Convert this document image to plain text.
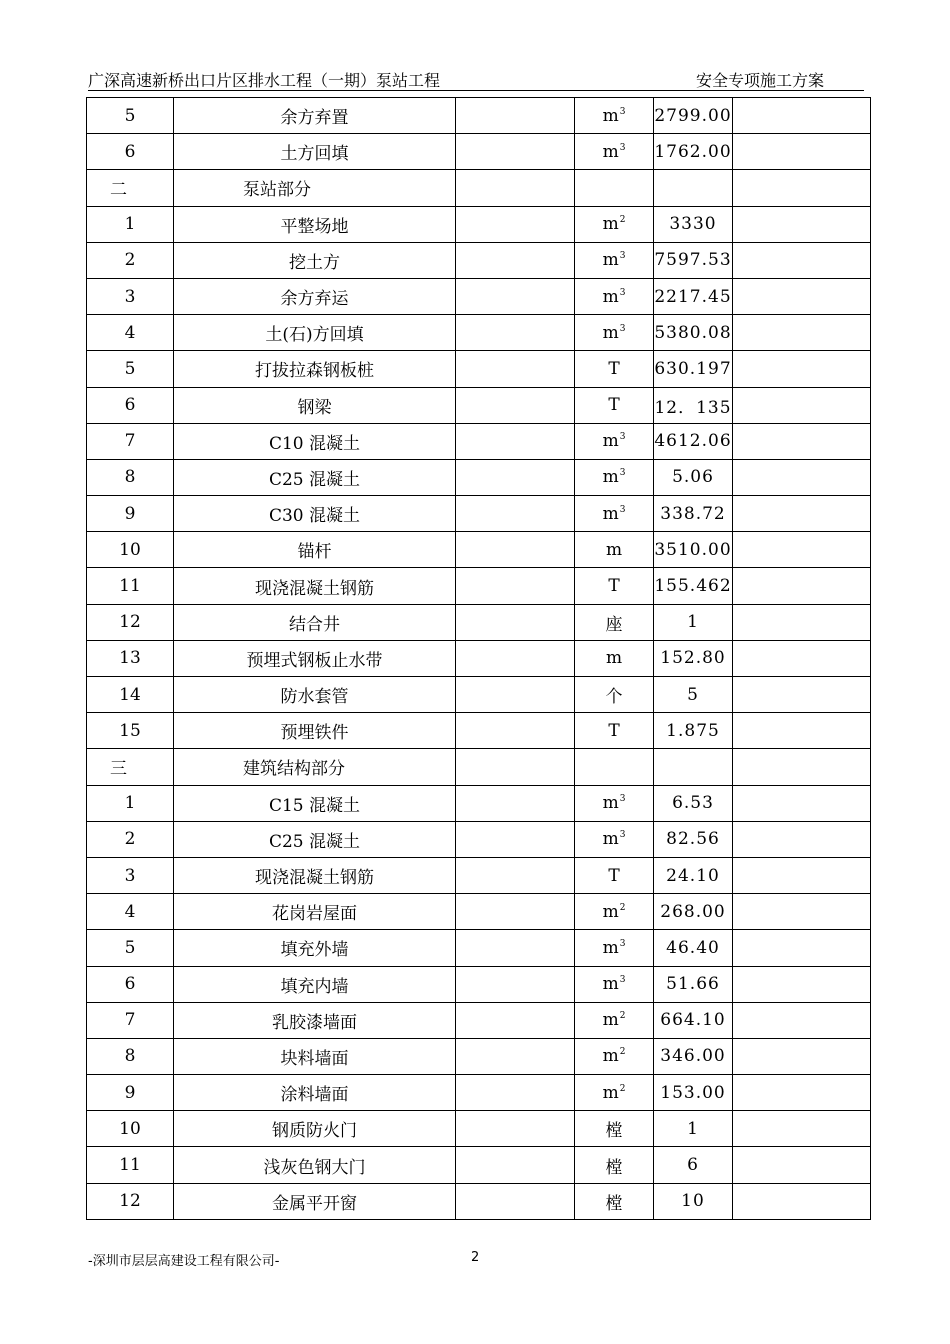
广深高速新桥出口片区排水工程（一期）泵站工程	安全专项施工方案
5	余方弃置		$m^3$	2799.00	
6	土方回填		$m^3$	1762.00	
二	泵站部分				
1	平整场地		$m^2$	3330	
2	挖土方		$m^3$	7597.53	
3	余方弃运		$m^3$	2217.45	
4	土(石)方回填		$m^3$	5380.08	
5	打拔拉森钢板桩		T	630.197	
6	钢梁		T	12．135	
7	C10 混凝土		$m^3$	4612.06	
8	C25 混凝土		$m^3$	5.06	
9	C30 混凝土		$m^3$	338.72	
10	锚杆		m	3510.00	
11	现浇混凝土钢筋		T	155.462	
12	结合井		座	1	
13	预埋式钢板止水带		m	152.80	
14	防水套管		个	5	
15	预埋铁件		T	1.875	
三	建筑结构部分				
1	C15 混凝土		$m^3$	6.53	
2	C25 混凝土		$m^3$	82.56	
3	现浇混凝土钢筋		T	24.10	
4	花岗岩屋面		$m^2$	268.00	
5	填充外墙		$m^3$	46.40	
6	填充内墙		$m^3$	51.66	
7	乳胶漆墙面		$m^2$	664.10	
8	块料墙面		$m^2$	346.00	
9	涂料墙面		$m^2$	153.00	
10	钢质防火门		樘	1	
11	浅灰色钢大门		樘	6	
12	金属平开窗		樘	10	
-深圳市层层高建设工程有限公司-	2
